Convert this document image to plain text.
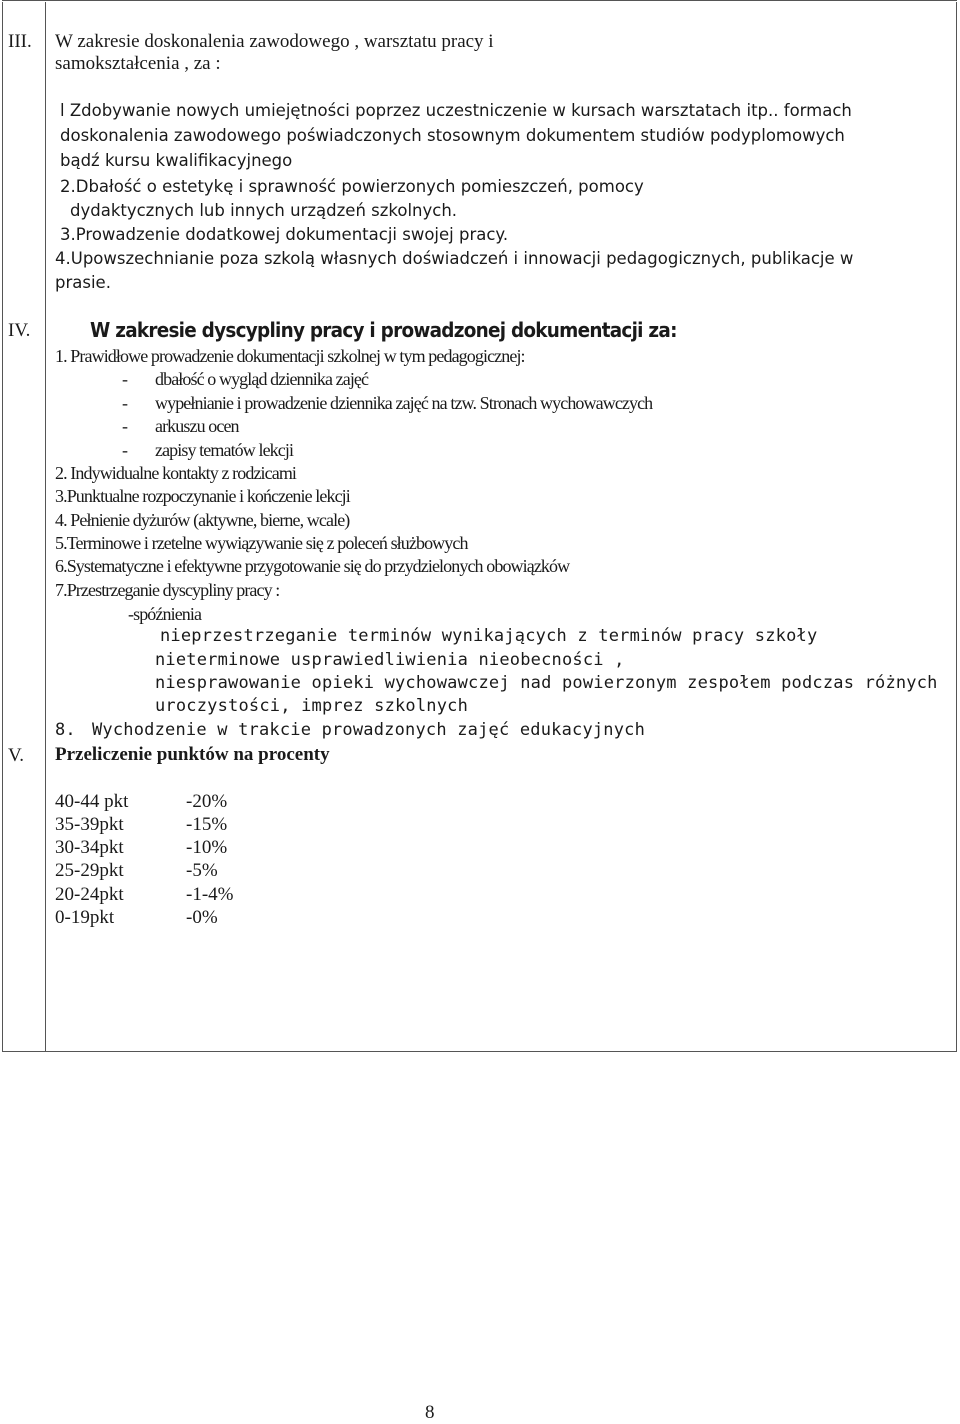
III. W zakresie doskonalenia zawodowego , warsztatu pracy i

samokształcenia , za :

l Zdobywanie nowych umiejętności poprzez uczestniczenie w kursach warsztatach itp.. formach

doskonalenia zawodowego poświadczonych stosownym dokumentem studiów podyplomowych

bądź kursu kwalifikacyjnego

2.Dbałość o estetykę i sprawność powierzonych pomieszczeń, pomocy

dydaktycznych lub innych urządzeń szkolnych.

3.Prowadzenie dodatkowej dokumentacji swojej pracy.

4.Upowszechnianie poza szkolą własnych doświadczeń i innowacji pedagogicznych, publikacje w

prasie.

IV.	W zakresie dyscypliny pracy i prowadzonej dokumentacji za:

1. Prawidłowe prowadzenie dokumentacji szkolnej w tym pedagogicznej:

- dbałość o wygląd dziennika zajęć

- wypełnianie i prowadzenie dziennika zajęć na tzw. Stronach wychowawczych

- arkuszu ocen

- zapisy tematów lekcji

2. Indywidualne kontakty z rodzicami

3.Punktualne rozpoczynanie i kończenie lekcji

4. Pełnienie dyżurów (aktywne, bierne, wcale)

5.Terminowe i rzetelne wywiązywanie się z poleceń służbowych

6.Systematyczne i efektywne przygotowanie się do przydzielonych obowiązków

7.Przestrzeganie dyscypliny pracy :

-spóźnienia

nieprzestrzeganie terminów wynikających z terminów pracy szkoły

nieterminowe usprawiedliwienia nieobecności ,

niesprawowanie opieki wychowawczej nad powierzonym zespołem podczas różnych

uroczystości, imprez szkolnych

8. Wychodzenie w trakcie prowadzonych zajęć edukacyjnych

V. Przeliczenie punktów na procenty

40-44 pkt	-20%

35-39pkt	-15%

30-34pkt	-10%

25-29pkt	-5%

20-24pkt	-1-4%

0-19pkt	-0%

8
